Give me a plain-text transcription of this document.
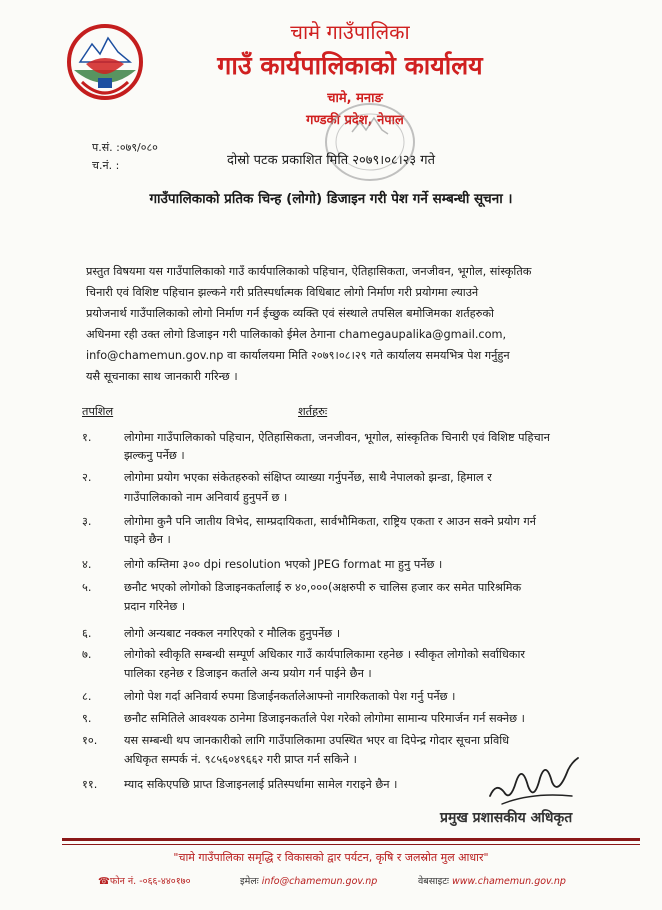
चामे गाउँपालिका
गाउँ कार्यपालिकाको कार्यालय
चामे, मनाङ
गण्डकी प्रदेश, नेपाल
प.सं. :०७९/०८०
च.नं. :	दोस्रो पटक प्रकाशित मिति २०७९।०८।२३ गते
गाउँपालिकाको प्रतिक चिन्ह (लोगो) डिजाइन गरी पेश गर्ने सम्बन्धी सूचना ।
प्रस्तुत विषयमा यस गाउँपालिकाको गाउँ कार्यपालिकाको पहिचान, ऐतिहासिकता, जनजीवन, भूगोल, सांस्कृतिक
चिनारी एवं विशिष्ट पहिचान झल्कने गरी प्रतिस्पर्धात्मक विधिबाट लोगो निर्माण गरी प्रयोगमा ल्याउने
प्रयोजनार्थ गाउँपालिकाको लोगो निर्माण गर्न ईच्छुक व्यक्ति एवं संस्थाले तपसिल बमोजिमका शर्तहरुको
अधिनमा रही उक्त लोगो डिजाइन गरी पालिकाको ईमेल ठेगाना chamegaupalika@gmail.com,
info@chamemun.gov.np वा कार्यालयमा मिति २०७९।०८।२९ गते कार्यालय समयभित्र पेश गर्नुहुन
यसै सूचनाका साथ जानकारी गरिन्छ ।
तपशिल	शर्तहरुः
१.	लोगोमा गाउँपालिकाको पहिचान, ऐतिहासिकता, जनजीवन, भूगोल, सांस्कृतिक चिनारी एवं विशिष्ट पहिचान
झल्कनु पर्नेछ ।
२.	लोगोमा प्रयोग भएका संकेतहरुको संक्षिप्त व्याख्या गर्नुपर्नेछ, साथै नेपालको झन्डा, हिमाल र
गाउँपालिकाको नाम अनिवार्य हुनुपर्ने छ ।
३.	लोगोमा कुनै पनि जातीय विभेद, साम्प्रदायिकता, सार्वभौमिकता, राष्ट्रिय एकता र आउन सक्ने प्रयोग गर्न
पाइने छैन ।
४.	लोगो कम्तिमा ३०० dpi resolution भएको JPEG format मा हुनु पर्नेछ ।
५.	छनौट भएको लोगोको डिजाइनकर्तालाई रु ४०,०००(अक्षरुपी रु चालिस हजार कर समेत पारिश्रमिक
प्रदान गरिनेछ ।
६.	लोगो अन्यबाट नक्कल नगरिएको र मौलिक हुनुपर्नेछ ।
७.	लोगोको स्वीकृति सम्बन्धी सम्पूर्ण अधिकार गाउँ कार्यपालिकामा रहनेछ । स्वीकृत लोगोको सर्वाधिकार
पालिका रहनेछ र डिजाइन कर्ताले अन्य प्रयोग गर्न पाईने छैन ।
८.	लोगो पेश गर्दा अनिवार्य रुपमा डिजाईनकर्तालेआफ्नो नागरिकताको पेश गर्नु पर्नेछ ।
९.	छनौट समितिले आवश्यक ठानेमा डिजाइनकर्ताले पेश गरेको लोगोमा सामान्य परिमार्जन गर्न सक्नेछ ।
१०. यस सम्बन्धी थप जानकारीको लागि गाउँपालिकामा उपस्थित भएर वा दिपेन्द्र गोदार सूचना प्रविधि
अधिकृत सम्पर्क नं. ९८५६०४९६६२ गरी प्राप्त गर्न सकिने ।
११. म्याद सकिएपछि प्राप्त डिजाइनलाई प्रतिस्पर्धामा सामेल गराइने छैन ।
प्रमुख प्रशासकीय अधिकृत
"चामे गाउँपालिका समृद्धि र विकासको द्वार पर्यटन, कृषि र जलस्रोत मुल आधार"
☎फोन नं. -०६६-४४०१७०	इमेलः info@chamemun.gov.np	वेबसाइटः www.chamemun.gov.np
